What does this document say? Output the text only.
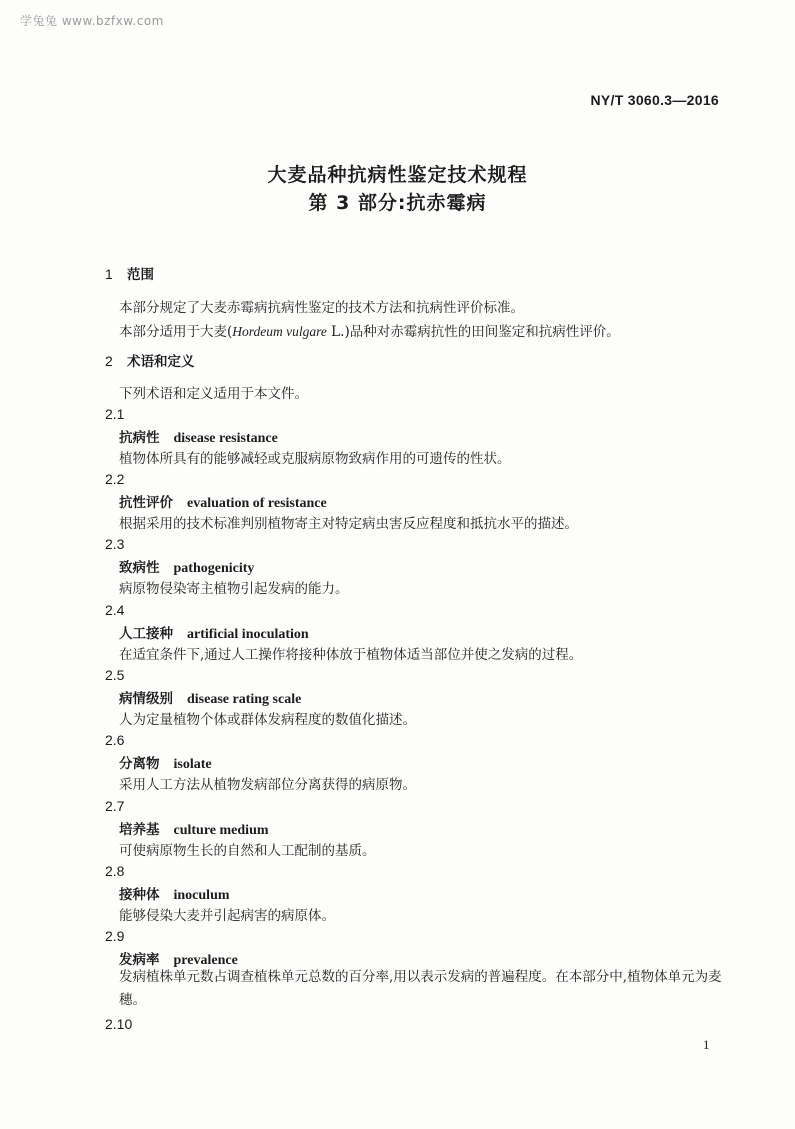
学兔兔 www.bzfxw.com
NY/T 3060.3—2016
大麦品种抗病性鉴定技术规程
第 3 部分:抗赤霉病
1 范围
本部分规定了大麦赤霉病抗病性鉴定的技术方法和抗病性评价标准。
本部分适用于大麦(Hordeum vulgare L.)品种对赤霉病抗性的田间鉴定和抗病性评价。
2 术语和定义
下列术语和定义适用于本文件。
2.1
抗病性 disease resistance
植物体所具有的能够减轻或克服病原物致病作用的可遗传的性状。
2.2
抗性评价 evaluation of resistance
根据采用的技术标准判别植物寄主对特定病虫害反应程度和抵抗水平的描述。
2.3
致病性 pathogenicity
病原物侵染寄主植物引起发病的能力。
2.4
人工接种 artificial inoculation
在适宜条件下,通过人工操作将接种体放于植物体适当部位并使之发病的过程。
2.5
病情级别 disease rating scale
人为定量植物个体或群体发病程度的数值化描述。
2.6
分离物 isolate
采用人工方法从植物发病部位分离获得的病原物。
2.7
培养基 culture medium
可使病原物生长的自然和人工配制的基质。
2.8
接种体 inoculum
能够侵染大麦并引起病害的病原体。
2.9
发病率 prevalence
发病植株单元数占调查植株单元总数的百分率,用以表示发病的普遍程度。在本部分中,植物体单元为麦穗。
2.10
1
